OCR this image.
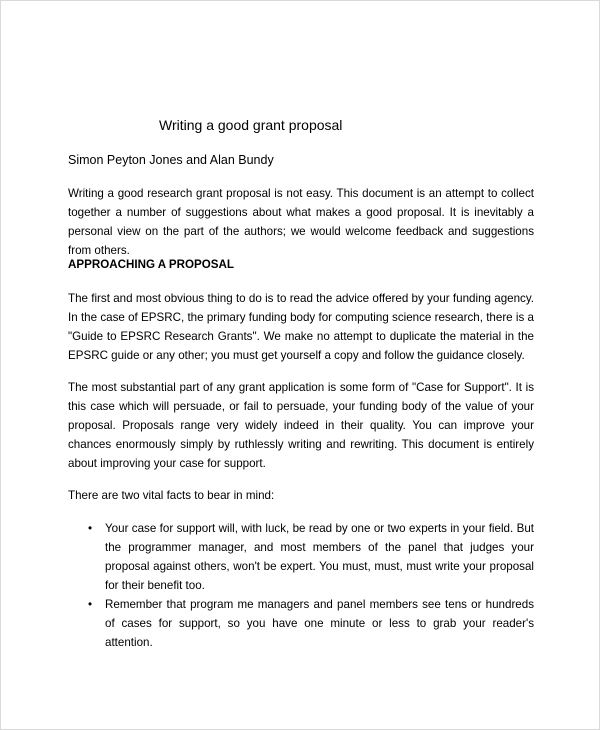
Writing a good grant proposal

Simon Peyton Jones and Alan Bundy

Writing a good research grant proposal is not easy. This document is an attempt to collect together a number of suggestions about what makes a good proposal. It is inevitably a personal view on the part of the authors; we would welcome feedback and suggestions from others.

APPROACHING A PROPOSAL

The first and most obvious thing to do is to read the advice offered by your funding agency. In the case of EPSRC, the primary funding body for computing science research, there is a "Guide to EPSRC Research Grants". We make no attempt to duplicate the material in the EPSRC guide or any other; you must get yourself a copy and follow the guidance closely.

The most substantial part of any grant application is some form of "Case for Support". It is this case which will persuade, or fail to persuade, your funding body of the value of your proposal. Proposals range very widely indeed in their quality. You can improve your chances enormously simply by ruthlessly writing and rewriting. This document is entirely about improving your case for support.

There are two vital facts to bear in mind:

• Your case for support will, with luck, be read by one or two experts in your field. But the programmer manager, and most members of the panel that judges your proposal against others, won't be expert. You must, must, must write your proposal for their benefit too.
• Remember that program me managers and panel members see tens or hundreds of cases for support, so you have one minute or less to grab your reader's attention.
